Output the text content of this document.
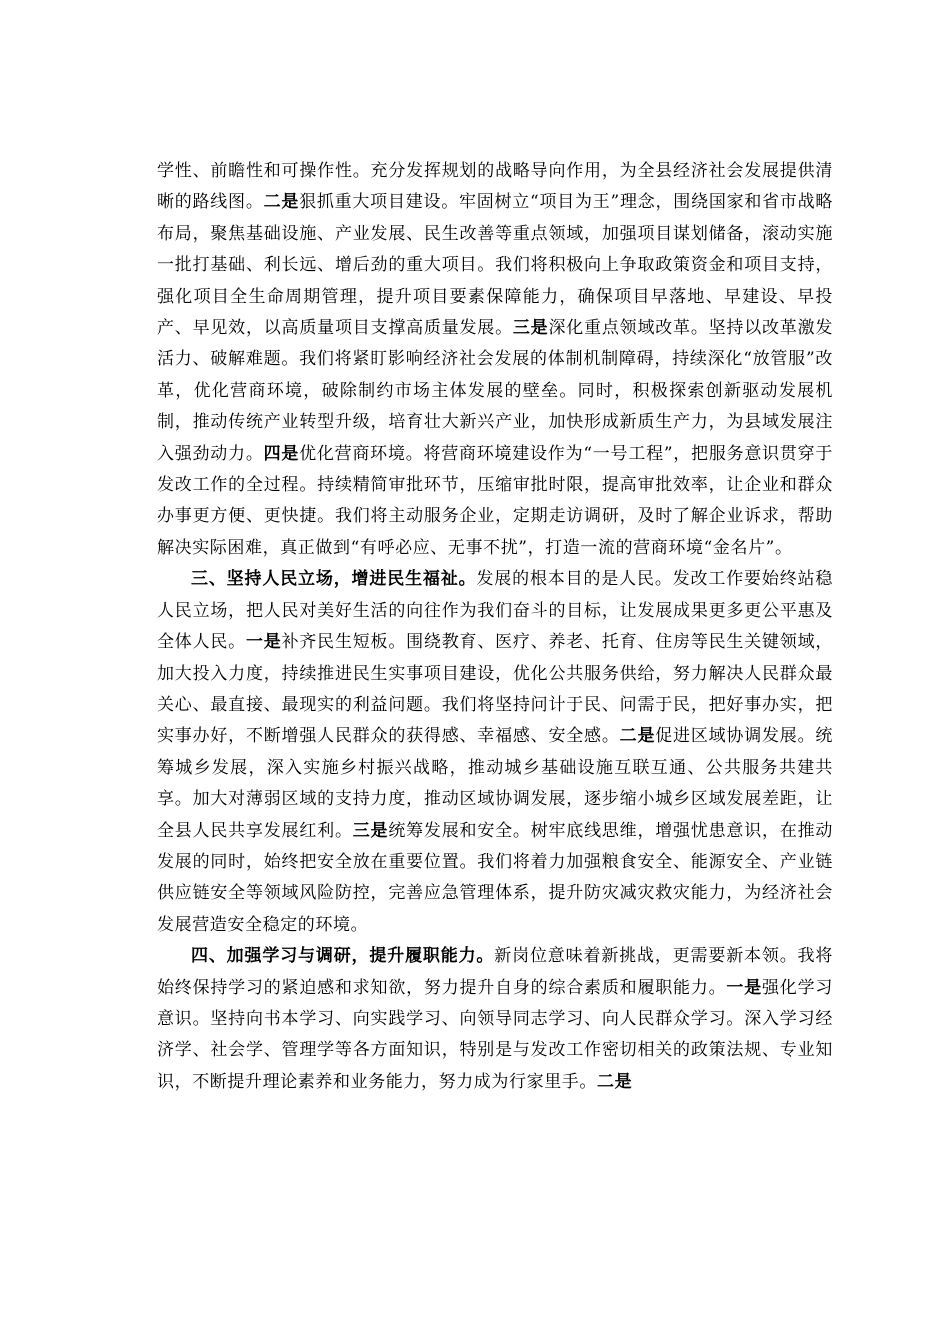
学性、前瞻性和可操作性。充分发挥规划的战略导向作用，为全县经济社会发展提供清晰的路线图。二是狠抓重大项目建设。牢固树立“项目为王”理念，围绕国家和省市战略布局，聚焦基础设施、产业发展、民生改善等重点领域，加强项目谋划储备，滚动实施一批打基础、利长远、增后劲的重大项目。我们将积极向上争取政策资金和项目支持，强化项目全生命周期管理，提升项目要素保障能力，确保项目早落地、早建设、早投产、早见效，以高质量项目支撑高质量发展。三是深化重点领域改革。坚持以改革激发活力、破解难题。我们将紧盯影响经济社会发展的体制机制障碍，持续深化“放管服”改革，优化营商环境，破除制约市场主体发展的壁垒。同时，积极探索创新驱动发展机制，推动传统产业转型升级，培育壮大新兴产业，加快形成新质生产力，为县域发展注入强劲动力。四是优化营商环境。将营商环境建设作为“一号工程”，把服务意识贯穿于发改工作的全过程。持续精简审批环节，压缩审批时限，提高审批效率，让企业和群众办事更方便、更快捷。我们将主动服务企业，定期走访调研，及时了解企业诉求，帮助解决实际困难，真正做到“有呼必应、无事不扰”，打造一流的营商环境“金名片”。

三、坚持人民立场，增进民生福祉。发展的根本目的是人民。发改工作要始终站稳人民立场，把人民对美好生活的向往作为我们奋斗的目标，让发展成果更多更公平惠及全体人民。一是补齐民生短板。围绕教育、医疗、养老、托育、住房等民生关键领域，加大投入力度，持续推进民生实事项目建设，优化公共服务供给，努力解决人民群众最关心、最直接、最现实的利益问题。我们将坚持问计于民、问需于民，把好事办实，把实事办好，不断增强人民群众的获得感、幸福感、安全感。二是促进区域协调发展。统筹城乡发展，深入实施乡村振兴战略，推动城乡基础设施互联互通、公共服务共建共享。加大对薄弱区域的支持力度，推动区域协调发展，逐步缩小城乡区域发展差距，让全县人民共享发展红利。三是统筹发展和安全。树牢底线思维，增强忧患意识，在推动发展的同时，始终把安全放在重要位置。我们将着力加强粮食安全、能源安全、产业链供应链安全等领域风险防控，完善应急管理体系，提升防灾减灾救灾能力，为经济社会发展营造安全稳定的环境。

四、加强学习与调研，提升履职能力。新岗位意味着新挑战，更需要新本领。我将始终保持学习的紧迫感和求知欲，努力提升自身的综合素质和履职能力。一是强化学习意识。坚持向书本学习、向实践学习、向领导同志学习、向人民群众学习。深入学习经济学、社会学、管理学等各方面知识，特别是与发改工作密切相关的政策法规、专业知识，不断提升理论素养和业务能力，努力成为行家里手。二是
